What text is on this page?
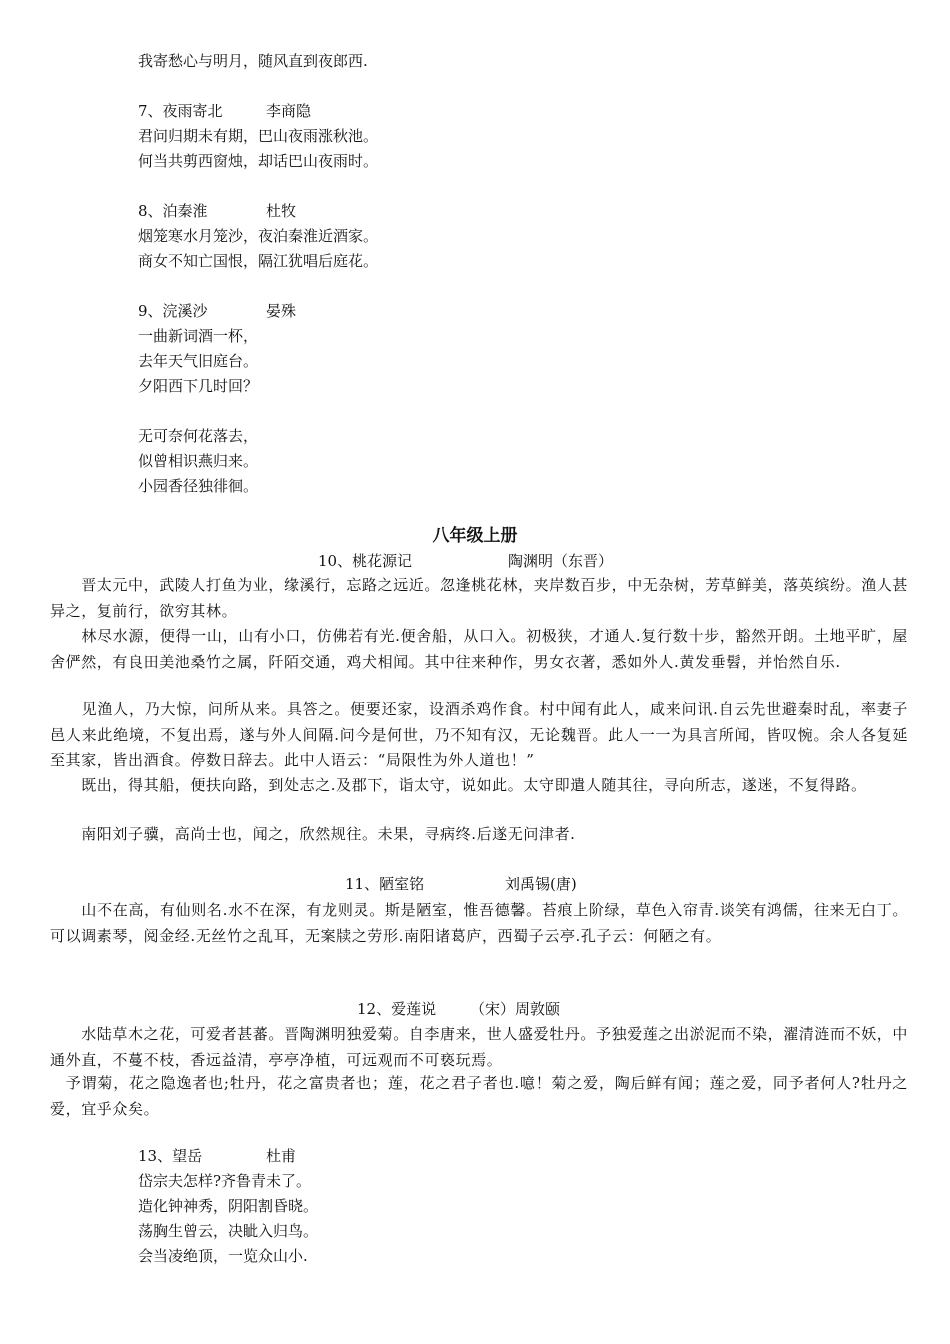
我寄愁心与明月，随风直到夜郎西.
7、夜雨寄北	李商隐
君问归期未有期，巴山夜雨涨秋池。
何当共剪西窗烛，却话巴山夜雨时。
8、泊秦淮	杜牧
烟笼寒水月笼沙，夜泊秦淮近酒家。
商女不知亡国恨，隔江犹唱后庭花。
9、浣溪沙	晏殊
一曲新词酒一杯，
去年天气旧庭台。
夕阳西下几时回？
无可奈何花落去，
似曾相识燕归来。
小园香径独徘徊。
八年级上册
10、桃花源记	陶渊明（东晋）
　　晋太元中，武陵人打鱼为业，缘溪行，忘路之远近。忽逢桃花林，夹岸数百步，中无杂树，芳草鲜美，落英缤纷。渔人甚异之，复前行，欲穷其林。
　　林尽水源，便得一山，山有小口，仿佛若有光.便舍船，从口入。初极狭，才通人.复行数十步，豁然开朗。土地平旷，屋舍俨然，有良田美池桑竹之属，阡陌交通，鸡犬相闻。其中往来种作，男女衣著，悉如外人.黄发垂髫，并怡然自乐.
　　见渔人，乃大惊，问所从来。具答之。便要还家，设酒杀鸡作食。村中闻有此人，咸来问讯.自云先世避秦时乱，率妻子邑人来此绝境，不复出焉，遂与外人间隔.问今是何世，乃不知有汉，无论魏晋。此人一一为具言所闻，皆叹惋。余人各复延至其家，皆出酒食。停数日辞去。此中人语云：“局限性为外人道也！”
　　既出，得其船，便扶向路，到处志之.及郡下，诣太守，说如此。太守即遣人随其往，寻向所志，遂迷，不复得路。
　　南阳刘子骥，高尚士也，闻之，欣然规往。未果，寻病终.后遂无问津者.
11、陋室铭	刘禹锡(唐)
　　山不在高，有仙则名.水不在深，有龙则灵。斯是陋室，惟吾德馨。苔痕上阶绿，草色入帘青.谈笑有鸿儒，往来无白丁。可以调素琴，阅金经.无丝竹之乱耳，无案牍之劳形.南阳诸葛庐，西蜀子云亭.孔子云：何陋之有。
12、爱莲说 （宋）周敦颐
　　水陆草木之花，可爱者甚蕃。晋陶渊明独爱菊。自李唐来，世人盛爱牡丹。予独爱莲之出淤泥而不染，濯清涟而不妖，中通外直，不蔓不枝，香远益清，亭亭净植，可远观而不可亵玩焉。
　予谓菊，花之隐逸者也;牡丹，花之富贵者也；莲，花之君子者也.噫！菊之爱，陶后鲜有闻；莲之爱，同予者何人?牡丹之爱，宜乎众矣。
13、望岳	杜甫
岱宗夫怎样?齐鲁青未了。
造化钟神秀，阴阳割昏晓。
荡胸生曾云，决眦入归鸟。
会当凌绝顶，一览众山小.
